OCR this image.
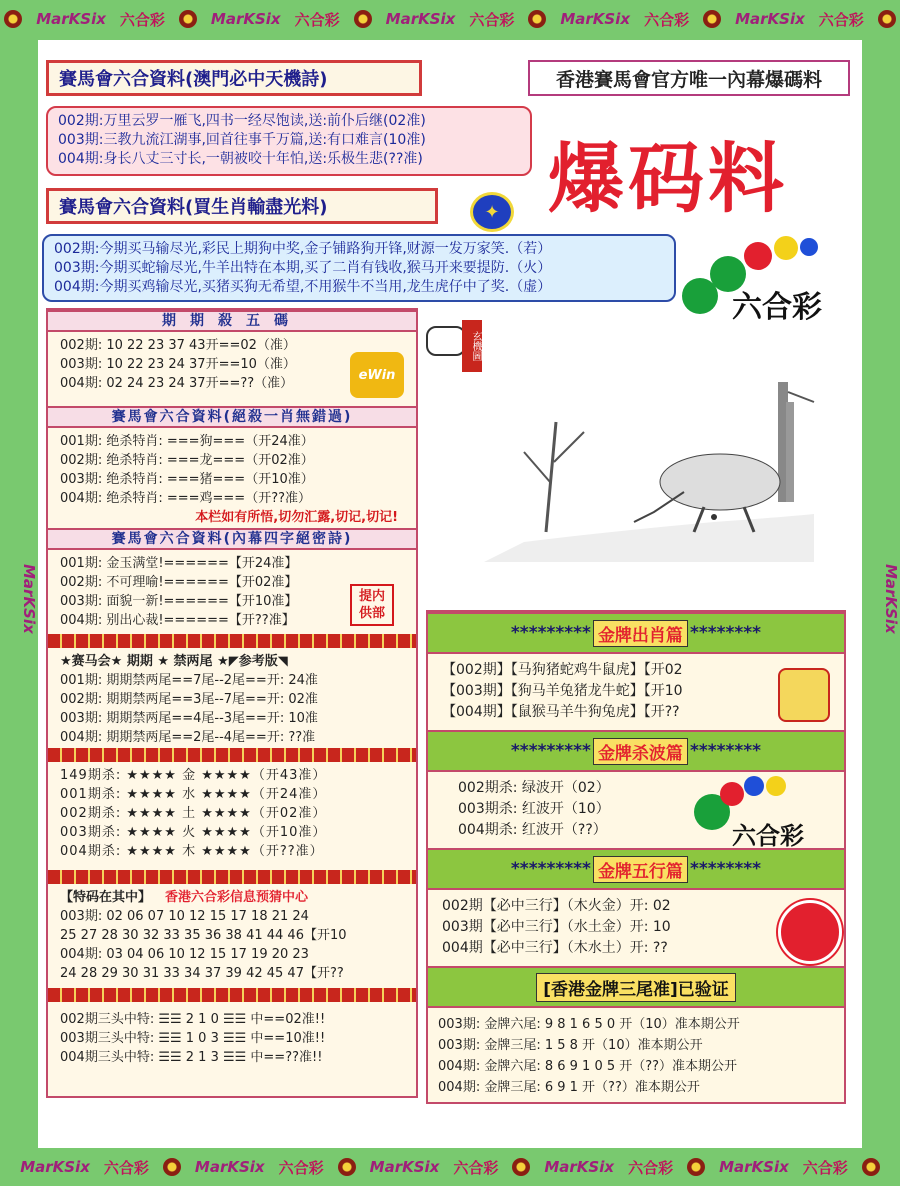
MarKSix 六合彩	MarKSix 六合彩	MarKSix 六合彩	MarKSix 六合彩	MarKSix 六合彩
MarKSix 六合彩	MarKSix 六合彩	MarKSix 六合彩	MarKSix 六合彩	MarKSix 六合彩
MarKSix	MarKSix
賽馬會六合資料(澳門必中天機詩)	香港賽馬會官方唯一內幕爆碼料
002期:万里云罗一雁飞,四书一经尽饱读,送:前仆后继(02准)
003期:三教九流江湖事,回首往事千万篇,送:有口难言(10准)
004期:身长八丈三寸长,一朝被咬十年怕,送:乐极生悲(??准)	爆码料
賽馬會六合資料(買生肖輸盡光料)	✦
002期:今期买马输尽光,彩民上期狗中奖,金子铺路狗开锋,财源一发万家笑.（若）
003期:今期买蛇输尽光,牛羊出特在本期,买了二肖有钱收,猴马开来要提防.（火）
004期:今期买鸡输尽光,买猪买狗无希望,不用猴牛不当用,龙生虎仔中了奖.（虚）
六合彩
期期殺五碼
002期: 10 22 23 37 43开==02（准）
003期: 10 22 23 24 37开==10（准）
004期: 02 24 23 24 37开==??（准）
賽馬會六合資料(絕殺一肖無錯過)
001期: 绝杀特肖: ===狗===（开24准）
002期: 绝杀特肖: ===龙===（开02准）
003期: 绝杀特肖: ===猪===（开10准）
004期: 绝杀特肖: ===鸡===（开??准）
本栏如有所悟,切勿汇露,切记,切记!
賽馬會六合資料(內幕四字絕密詩)
001期: 金玉满堂!======【开24准】
002期: 不可理喻!======【开02准】
003期: 面貌一新!======【开10准】
004期: 别出心裁!======【开??准】
★赛马会★ 期期 ★ 禁两尾 ★◤参考版◥
001期: 期期禁两尾==7尾--2尾==开: 24准
002期: 期期禁两尾==3尾--7尾==开: 02准
003期: 期期禁两尾==4尾--3尾==开: 10准
004期: 期期禁两尾==2尾--4尾==开: ??准
149期杀: ★★★★ 金 ★★★★（开43准）
001期杀: ★★★★ 水 ★★★★（开24准）
002期杀: ★★★★ 土 ★★★★（开02准）
003期杀: ★★★★ 火 ★★★★（开10准）
004期杀: ★★★★ 木 ★★★★（开??准）
【特码在其中】 香港六合彩信息预猜中心
003期: 02 06 07 10 12 15 17 18 21 24
25 27 28 30 32 33 35 36 38 41 44 46【开10
004期: 03 04 06 10 12 15 17 19 20 23
24 28 29 30 31 33 34 37 39 42 45 47【开??
002期三头中特: ☰☰ 2 1 0 ☰☰ 中==02准!!
003期三头中特: ☰☰ 1 0 3 ☰☰ 中==10准!!
004期三头中特: ☰☰ 2 1 3 ☰☰ 中==??准!!
eWin
提内
供部
玄機圖
********* 金牌出肖篇 ********
【002期】【马狗猪蛇鸡牛鼠虎】【开02
【003期】【狗马羊兔猪龙牛蛇】【开10
【004期】【鼠猴马羊牛狗兔虎】【开??
********* 金牌杀波篇 ********
002期杀: 绿波开（02）
003期杀: 红波开（10）
004期杀: 红波开（??）
********* 金牌五行篇 ********
002期【必中三行】（木火金）开: 02
003期【必中三行】（水土金）开: 10
004期【必中三行】（木水土）开: ??
[香港金牌三尾准]已验证
003期: 金牌六尾: 9 8 1 6 5 0 开（10）准本期公开
003期: 金牌三尾: 1 5 8 开（10）准本期公开
004期: 金牌六尾: 8 6 9 1 0 5 开（??）准本期公开
004期: 金牌三尾: 6 9 1 开（??）准本期公开
六合彩
